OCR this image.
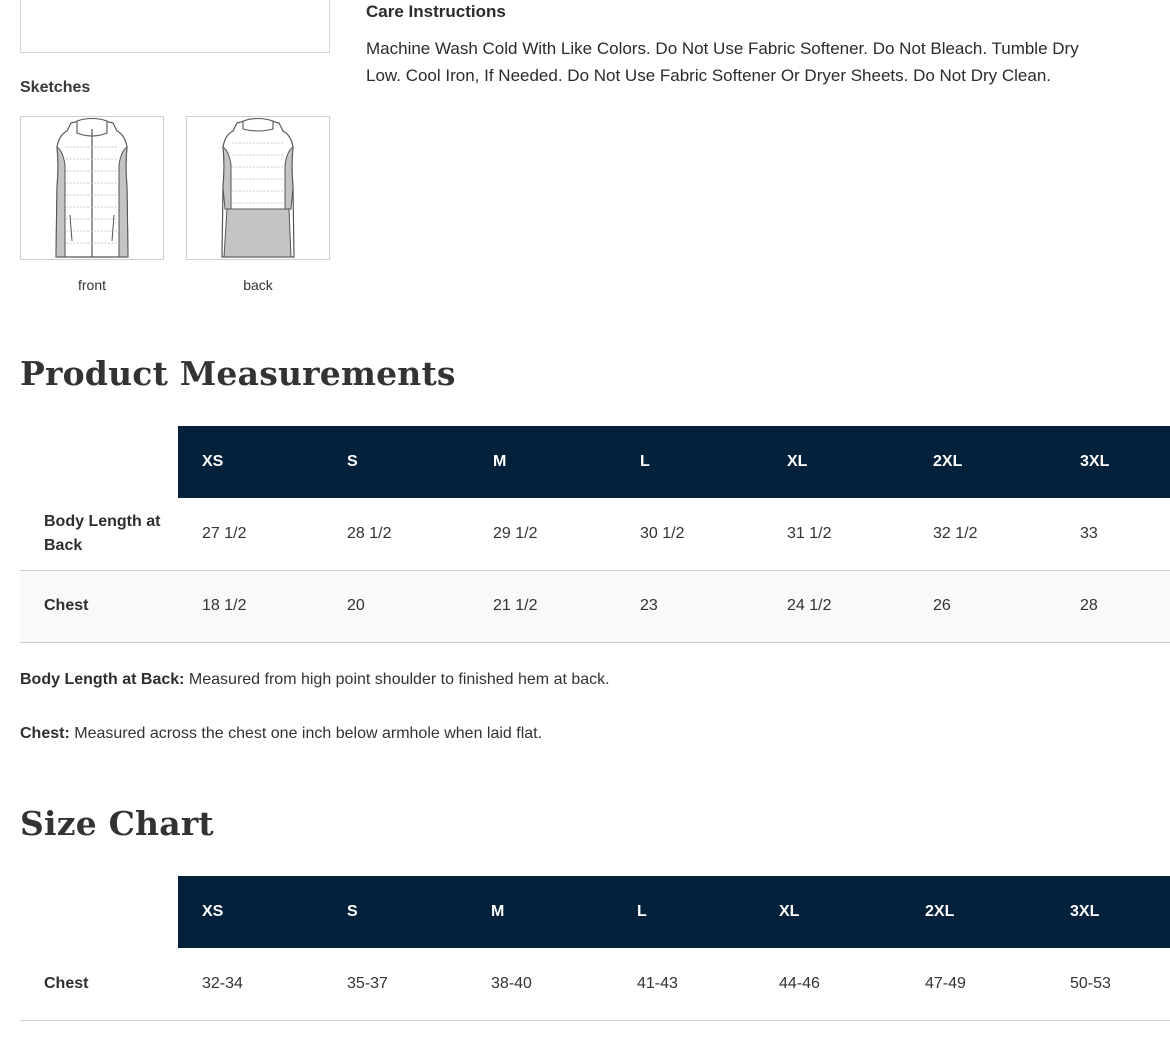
Sketches
front	back
Care Instructions
Machine Wash Cold With Like Colors. Do Not Use Fabric Softener. Do Not Bleach. Tumble Dry Low. Cool Iron, If Needed. Do Not Use Fabric Softener Or Dryer Sheets. Do Not Dry Clean.
Product Measurements
	XS	S	M	L	XL	2XL	3XL
Body Length at Back	27 1/2	28 1/2	29 1/2	30 1/2	31 1/2	32 1/2	33
Chest	18 1/2	20	21 1/2	23	24 1/2	26	28
Body Length at Back: Measured from high point shoulder to finished hem at back.
Chest: Measured across the chest one inch below armhole when laid flat.
Size Chart
	XS	S	M	L	XL	2XL	3XL
Chest	32-34	35-37	38-40	41-43	44-46	47-49	50-53
